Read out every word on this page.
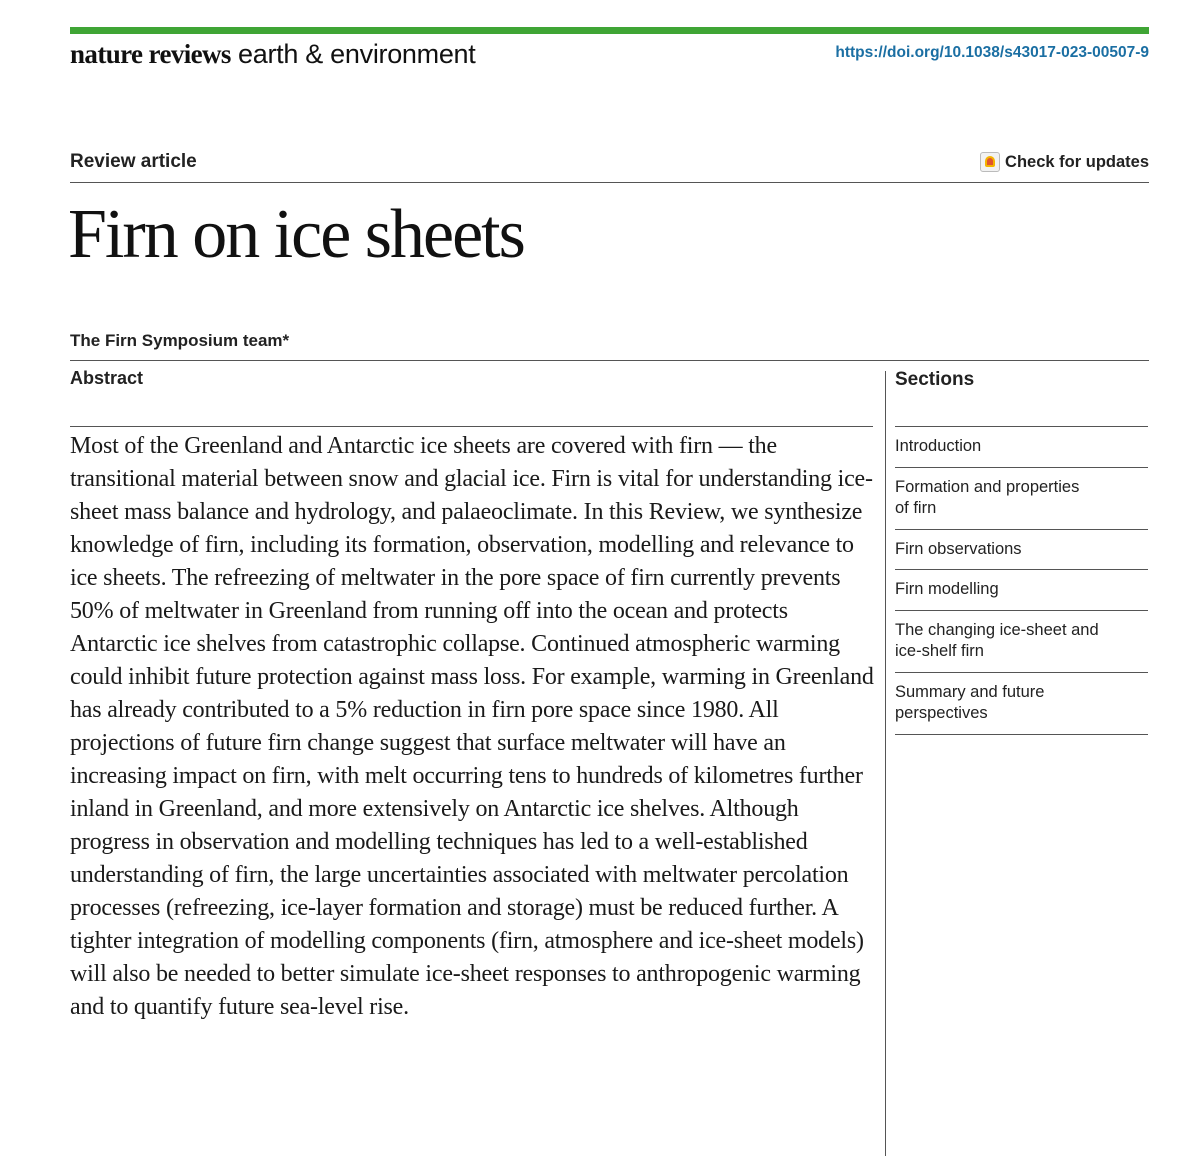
nature reviews earth & environment	https://doi.org/10.1038/s43017-023-00507-9
Review article	Check for updates
Firn on ice sheets
The Firn Symposium team*
Abstract

Most of the Greenland and Antarctic ice sheets are covered with firn — the transitional material between snow and glacial ice. Firn is vital for understanding ice-sheet mass balance and hydrology, and palaeoclimate. In this Review, we synthesize knowledge of firn, including its formation, observation, modelling and relevance to ice sheets. The refreezing of meltwater in the pore space of firn currently prevents 50% of meltwater in Greenland from running off into the ocean and protects Antarctic ice shelves from catastrophic collapse. Continued atmospheric warming could inhibit future protection against mass loss. For example, warming in Greenland has already contributed to a 5% reduction in firn pore space since 1980. All projections of future firn change suggest that surface meltwater will have an increasing impact on firn, with melt occurring tens to hundreds of kilometres further inland in Greenland, and more extensively on Antarctic ice shelves. Although progress in observation and modelling techniques has led to a well-established understanding of firn, the large uncertainties associated with meltwater percolation processes (refreezing, ice-layer formation and storage) must be reduced further. A tighter integration of modelling components (firn, atmosphere and ice-sheet models) will also be needed to better simulate ice-sheet responses to anthropogenic warming and to quantify future sea-level rise.

Sections
Introduction
Formation and properties
of firn
Firn observations
Firn modelling
The changing ice-sheet and
ice-shelf firn
Summary and future
perspectives
